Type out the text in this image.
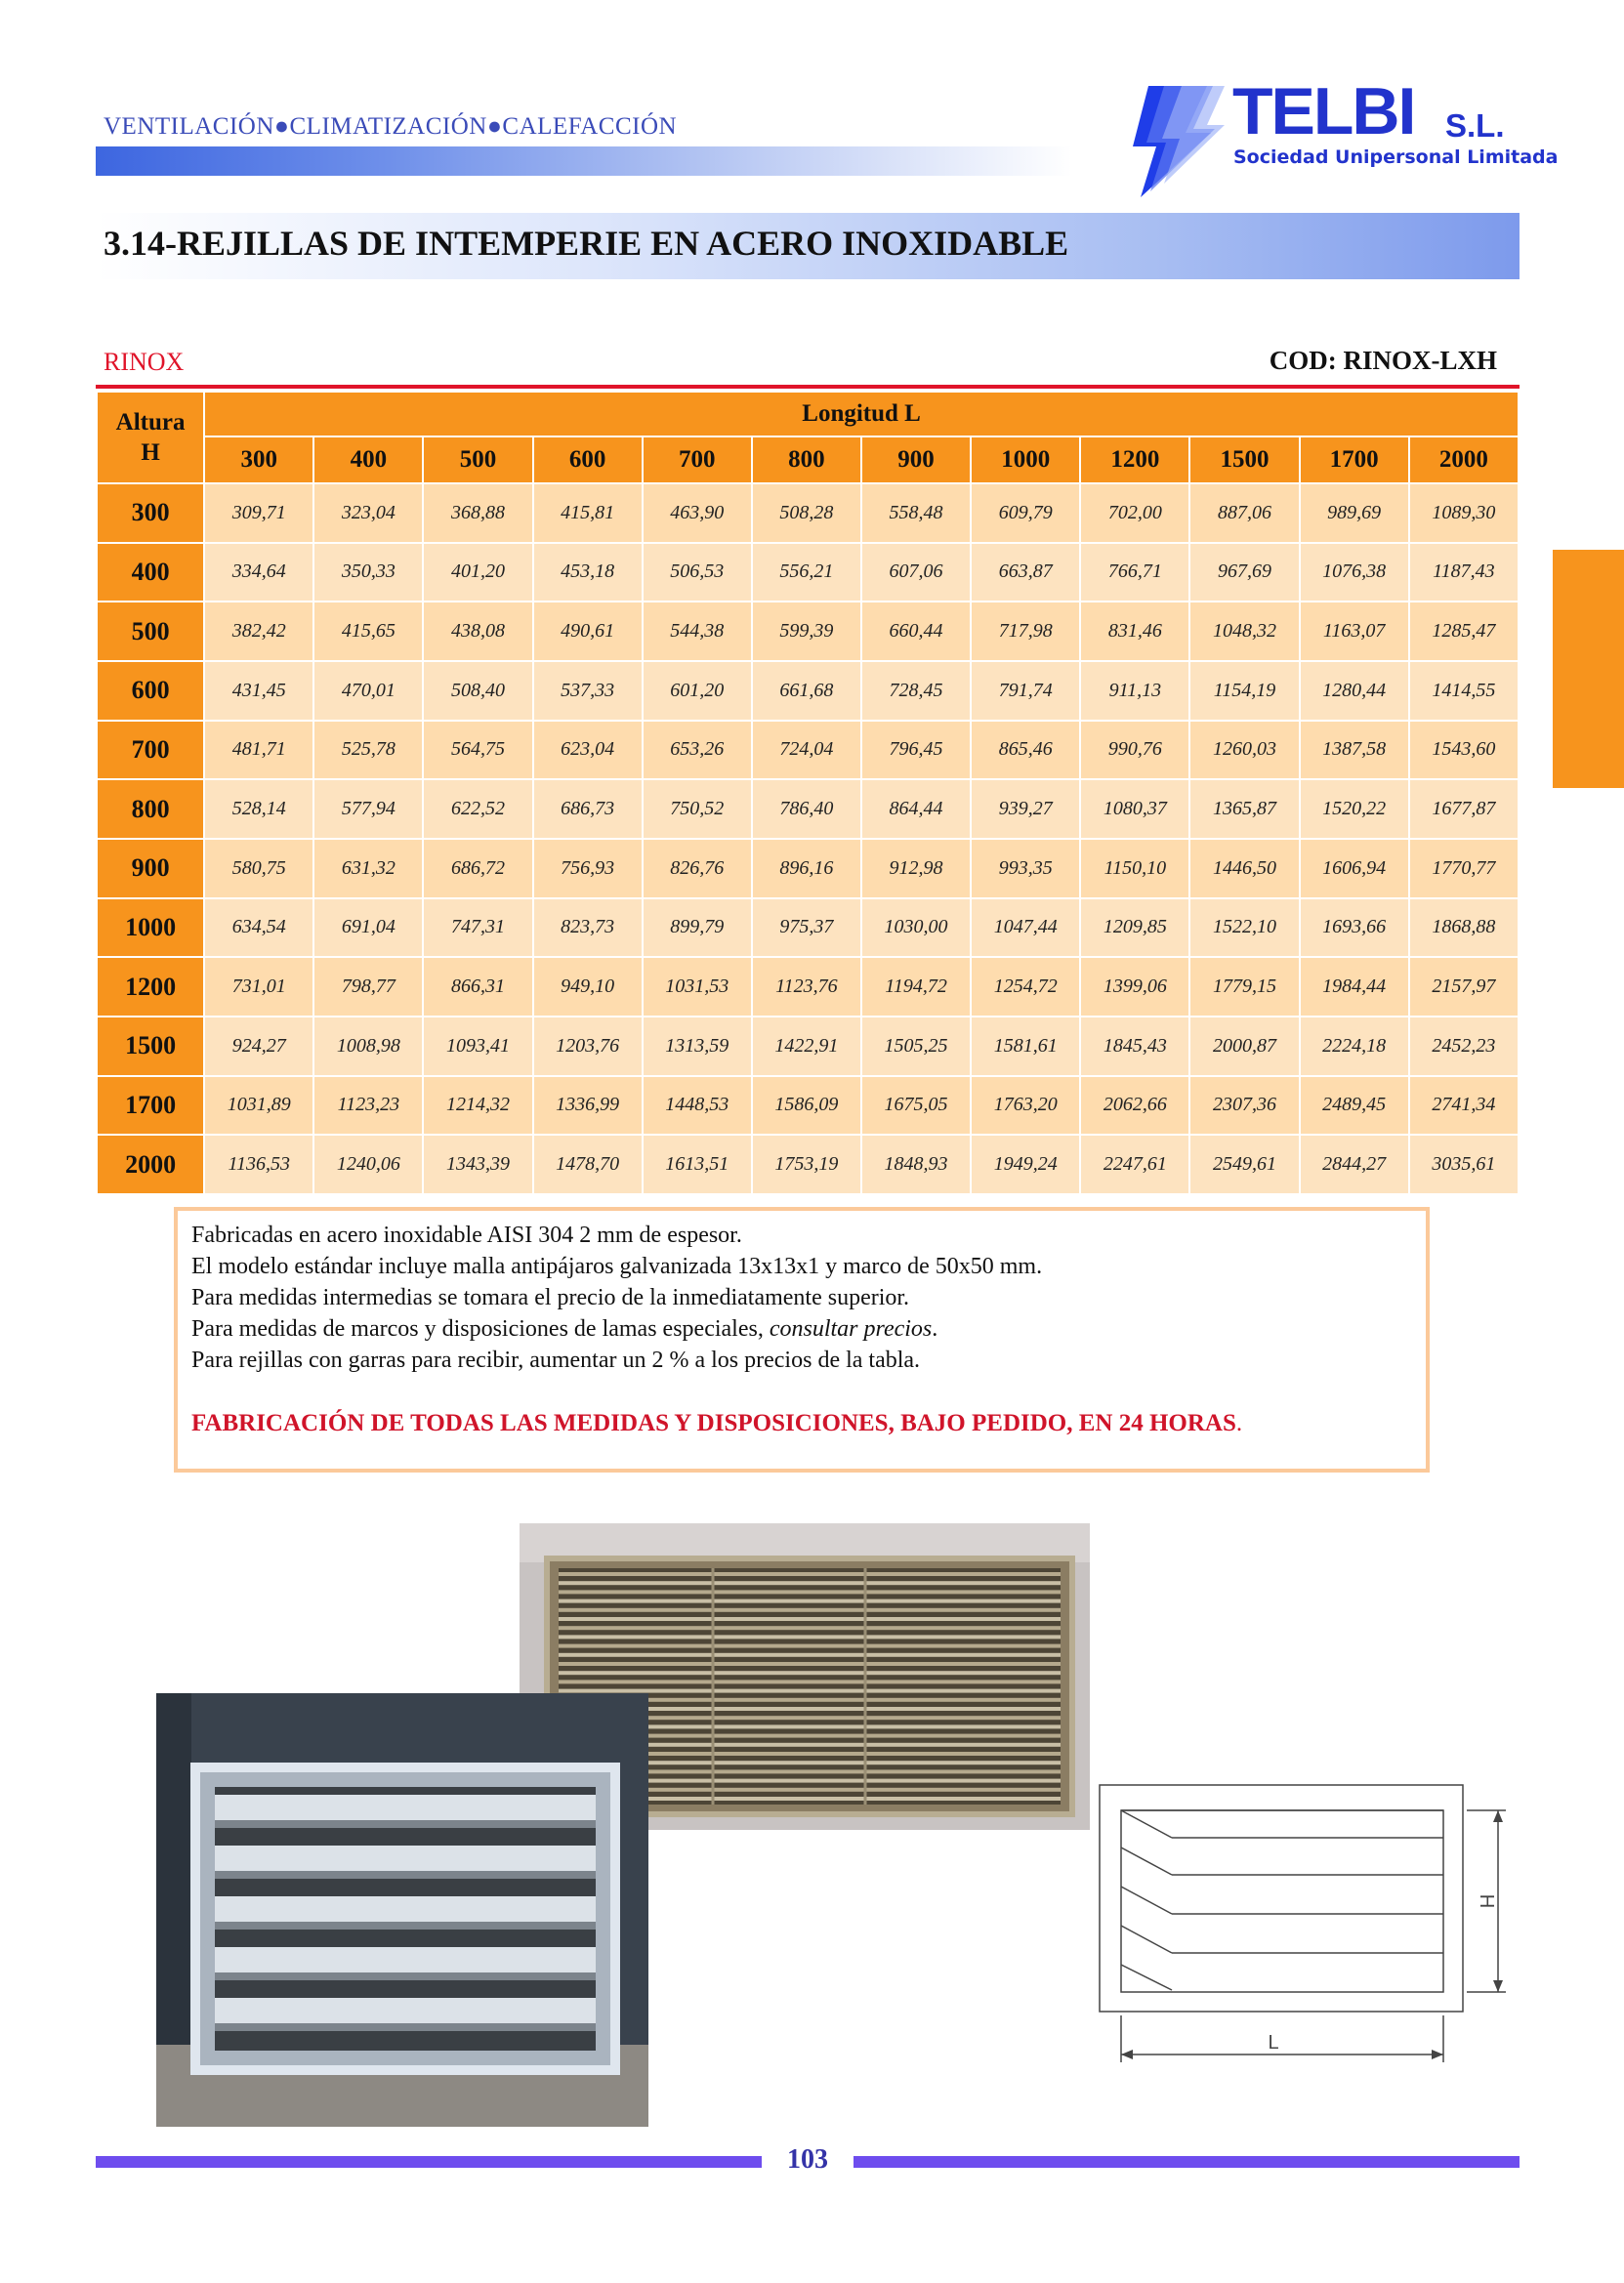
VENTILACIÓN●CLIMATIZACIÓN●CALEFACCIÓN	TELBI S.L.
Sociedad Unipersonal Limitada
3.14-REJILLAS DE INTEMPERIE EN ACERO INOXIDABLE
RINOX	COD: RINOX-LXH
Altura
H	Longitud L											
	300	400	500	600	700	800	900	1000	1200	1500	1700	2000
300	309,71	323,04	368,88	415,81	463,90	508,28	558,48	609,79	702,00	887,06	989,69	1089,30
400	334,64	350,33	401,20	453,18	506,53	556,21	607,06	663,87	766,71	967,69	1076,38	1187,43
500	382,42	415,65	438,08	490,61	544,38	599,39	660,44	717,98	831,46	1048,32	1163,07	1285,47
600	431,45	470,01	508,40	537,33	601,20	661,68	728,45	791,74	911,13	1154,19	1280,44	1414,55
700	481,71	525,78	564,75	623,04	653,26	724,04	796,45	865,46	990,76	1260,03	1387,58	1543,60
800	528,14	577,94	622,52	686,73	750,52	786,40	864,44	939,27	1080,37	1365,87	1520,22	1677,87
900	580,75	631,32	686,72	756,93	826,76	896,16	912,98	993,35	1150,10	1446,50	1606,94	1770,77
1000	634,54	691,04	747,31	823,73	899,79	975,37	1030,00	1047,44	1209,85	1522,10	1693,66	1868,88
1200	731,01	798,77	866,31	949,10	1031,53	1123,76	1194,72	1254,72	1399,06	1779,15	1984,44	2157,97
1500	924,27	1008,98	1093,41	1203,76	1313,59	1422,91	1505,25	1581,61	1845,43	2000,87	2224,18	2452,23
1700	1031,89	1123,23	1214,32	1336,99	1448,53	1586,09	1675,05	1763,20	2062,66	2307,36	2489,45	2741,34
2000	1136,53	1240,06	1343,39	1478,70	1613,51	1753,19	1848,93	1949,24	2247,61	2549,61	2844,27	3035,61
Fabricadas en acero inoxidable AISI 304 2 mm de espesor.
El modelo estándar incluye malla antipájaros galvanizada 13x13x1 y marco de 50x50 mm.
Para medidas intermedias se tomara el precio de la inmediatamente superior.
Para medidas de marcos y disposiciones de lamas especiales, consultar precios.
Para rejillas con garras para recibir, aumentar un 2 % a los precios de la tabla.
FABRICACIÓN DE TODAS LAS MEDIDAS Y DISPOSICIONES, BAJO PEDIDO, EN 24 HORAS.
H
L
103
